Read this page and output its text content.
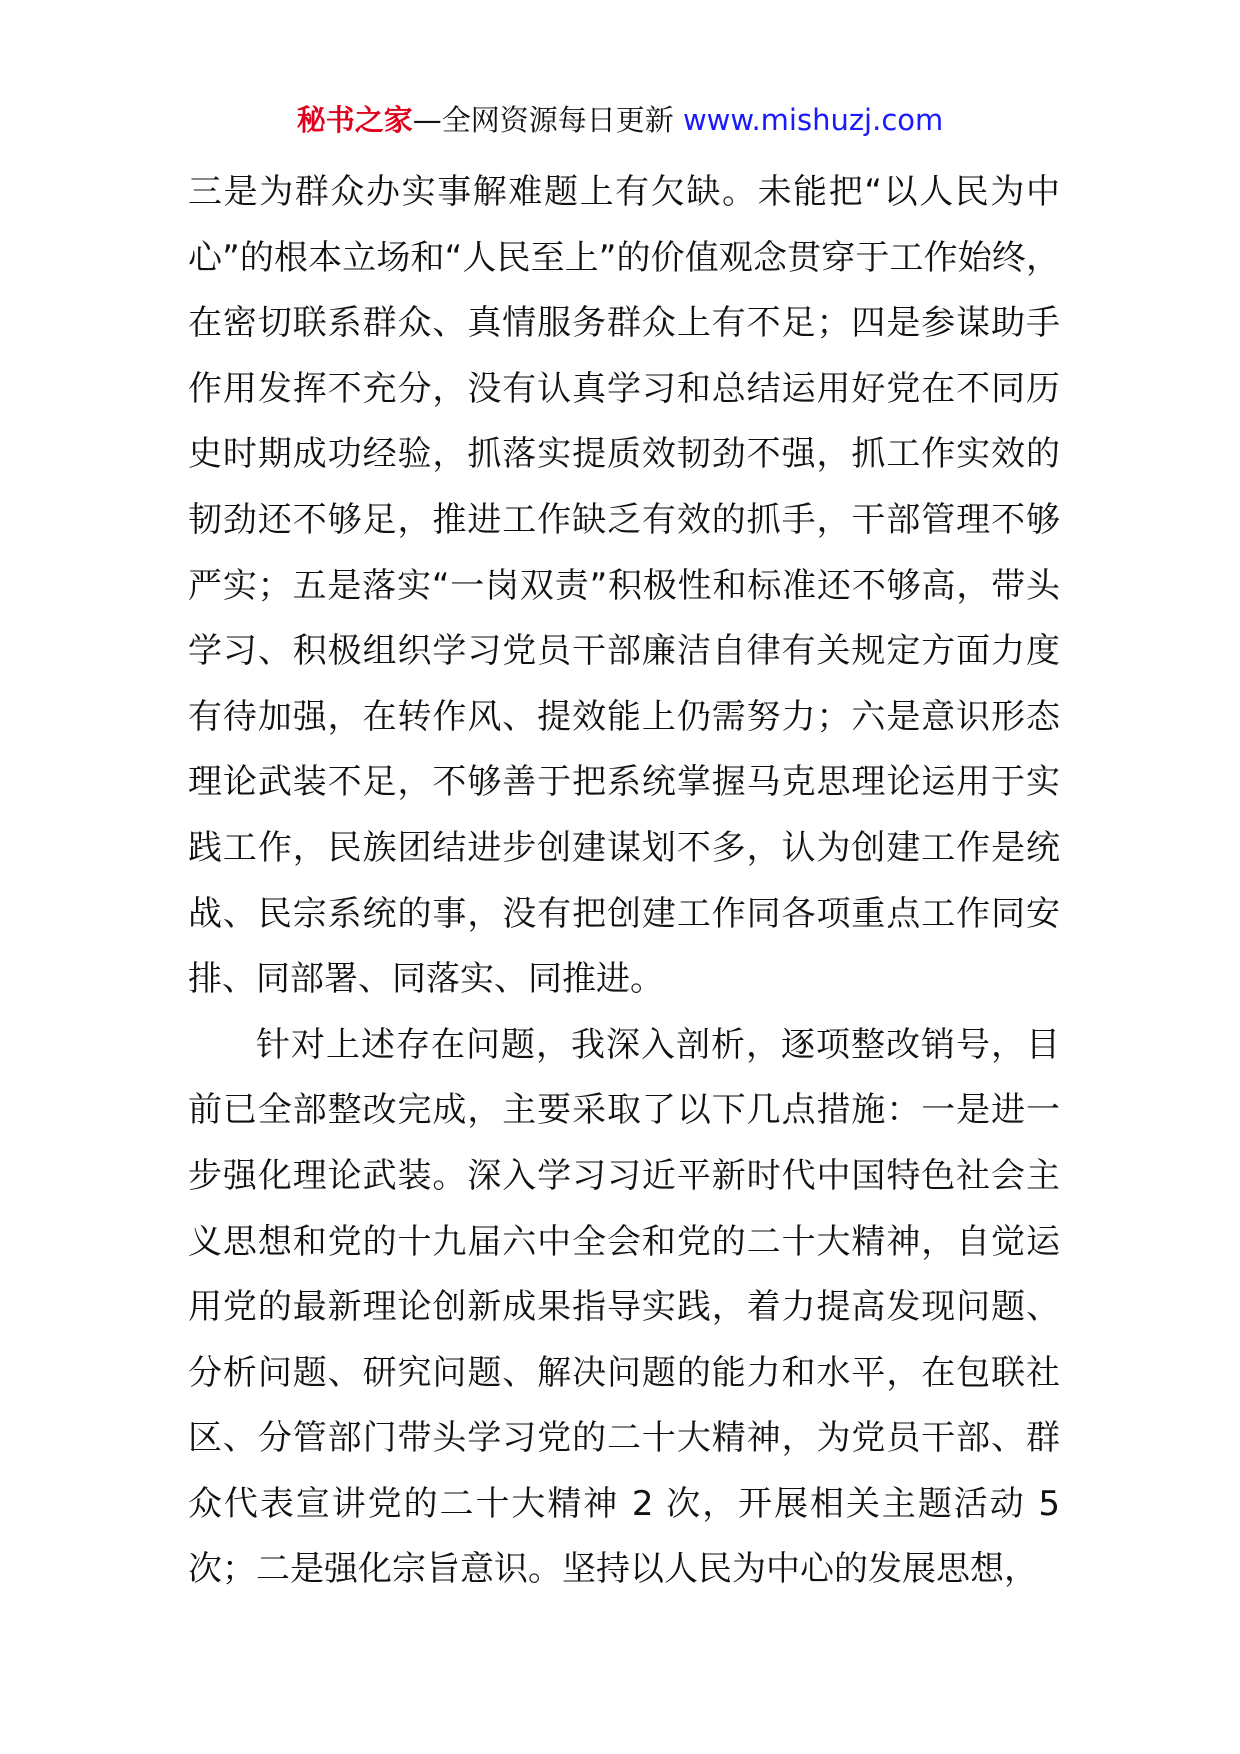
秘书之家—全网资源每日更新 www.mishuzj.com

三是为群众办实事解难题上有欠缺。未能把“以人民为中心”的根本立场和“人民至上”的价值观念贯穿于工作始终，在密切联系群众、真情服务群众上有不足；四是参谋助手作用发挥不充分，没有认真学习和总结运用好党在不同历史时期成功经验，抓落实提质效韧劲不强，抓工作实效的韧劲还不够足，推进工作缺乏有效的抓手，干部管理不够严实；五是落实“一岗双责”积极性和标准还不够高，带头学习、积极组织学习党员干部廉洁自律有关规定方面力度有待加强，在转作风、提效能上仍需努力；六是意识形态理论武装不足，不够善于把系统掌握马克思理论运用于实践工作，民族团结进步创建谋划不多，认为创建工作是统战、民宗系统的事，没有把创建工作同各项重点工作同安排、同部署、同落实、同推进。

针对上述存在问题，我深入剖析，逐项整改销号，目前已全部整改完成，主要采取了以下几点措施：一是进一步强化理论武装。深入学习习近平新时代中国特色社会主义思想和党的十九届六中全会和党的二十大精神，自觉运用党的最新理论创新成果指导实践，着力提高发现问题、分析问题、研究问题、解决问题的能力和水平，在包联社区、分管部门带头学习党的二十大精神，为党员干部、群众代表宣讲党的二十大精神 2 次，开展相关主题活动 5 次；二是强化宗旨意识。坚持以人民为中心的发展思想，
